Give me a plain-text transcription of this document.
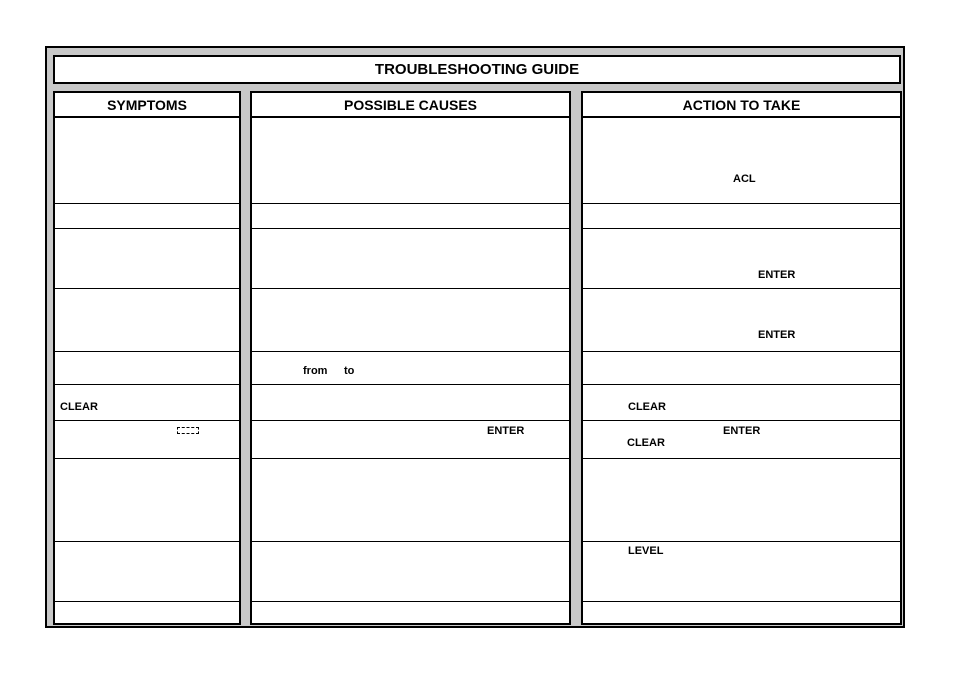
TROUBLESHOOTING GUIDE
SYMPTOMS
CLEAR
POSSIBLE CAUSES
from to
ENTER
ACTION TO TAKE
ACL
ENTER
ENTER
CLEAR
ENTER
CLEAR
LEVEL
